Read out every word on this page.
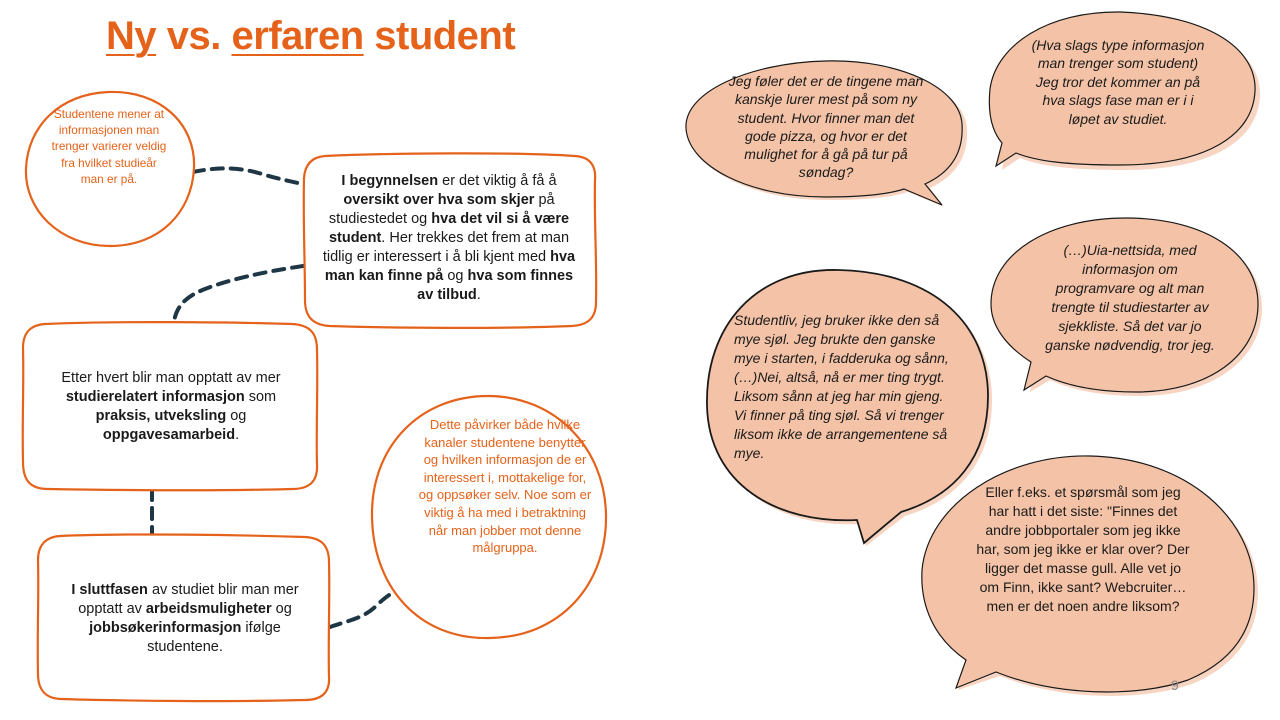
Ny vs. erfaren student
Studentene mener at informasjonen man trenger varierer veldig fra hvilket studieår man er på.	I begynnelsen er det viktig å få å oversikt over hva som skjer på studiestedet og hva det vil si å være student. Her trekkes det frem at man tidlig er interessert i å bli kjent med hva man kan finne på og hva som finnes av tilbud.
Etter hvert blir man opptatt av mer studierelatert informasjon som praksis, utveksling og oppgavesamarbeid.
I sluttfasen av studiet blir man mer opptatt av arbeidsmuligheter og jobbsøkerinformasjon ifølge studentene.
Dette påvirker både hvilke kanaler studentene benytter og hvilken informasjon de er interessert i, mottakelige for, og oppsøker selv. Noe som er viktig å ha med i betraktning når man jobber mot denne målgruppa.
Jeg føler det er de tingene man kanskje lurer mest på som ny student. Hvor finner man det gode pizza, og hvor er det mulighet for å gå på tur på søndag?
(Hva slags type informasjon man trenger som student) Jeg tror det kommer an på hva slags fase man er i i løpet av studiet.
(…)Uia-nettsida, med informasjon om programvare og alt man trengte til studiestarter av sjekkliste. Så det var jo ganske nødvendig, tror jeg.
Studentliv, jeg bruker ikke den så mye sjøl. Jeg brukte den ganske mye i starten, i fadderuka og sånn,(…)Nei, altså, nå er mer ting trygt. Liksom sånn at jeg har min gjeng. Vi finner på ting sjøl. Så vi trenger liksom ikke de arrangementene så mye.
Eller f.eks. et spørsmål som jeg har hatt i det siste: "Finnes det andre jobbportaler som jeg ikke har, som jeg ikke er klar over? Der ligger det masse gull. Alle vet jo om Finn, ikke sant? Webcruiter… men er det noen andre liksom?
9
